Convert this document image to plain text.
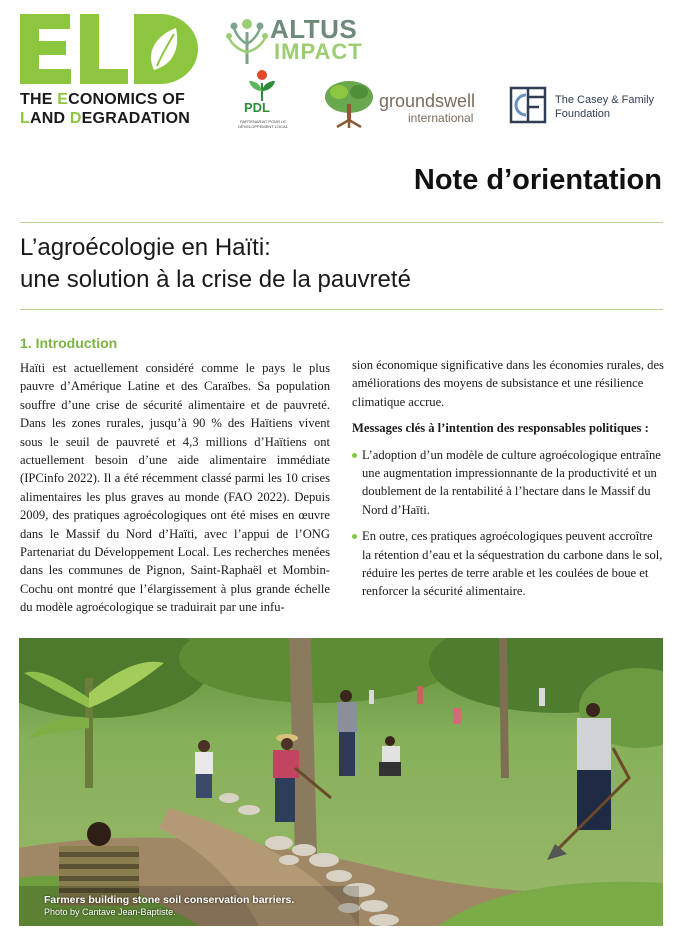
THE ECONOMICS OF
LAND DEGRADATION
ALTUS
IMPACT
PDL
PARTENARIAT POUR LE DÉVELOPPEMENT LOCAL
groundswell
international
The Casey & Family
Foundation
Note d’orientation
L’agroécologie en Haïti:
une solution à la crise de la pauvreté
1. Introduction

Haïti est actuellement considéré comme le pays le plus pauvre d’Amérique Latine et des Caraïbes. Sa population souffre d’une crise de sécurité alimentaire et de pauvreté. Dans les zones rurales, jusqu’à 90 % des Haïtiens vivent sous le seuil de pauvreté et 4,3 millions d’Haïtiens ont actuellement besoin d’une aide alimentaire immédiate (IPCinfo 2022). Il a été récemment classé parmi les 10 crises alimentaires les plus graves au monde (FAO 2022). Depuis 2009, des pratiques agroécologiques ont été mises en œuvre dans le Massif du Nord d’Haïti, avec l’appui de l’ONG Partenariat du Développement Local. Les recherches menées dans les communes de Pignon, Saint-Raphaël et Mombin-Cochu ont montré que l’élargissement à plus grande échelle du modèle agroécologique se traduirait par une infu-

sion économique significative dans les économies rurales, des améliorations des moyens de subsistance et une résilience climatique accrue.

Messages clés à l’intention des responsables politiques :

L’adoption d’un modèle de culture agroécologique entraîne une augmentation impressionnante de la productivité et un doublement de la rentabilité à l’hectare dans le Massif du Nord d’Haïti.
En outre, ces pratiques agroécologiques peuvent accroître la rétention d’eau et la séquestration du carbone dans le sol, réduire les pertes de terre arable et les coulées de boue et renforcer la sécurité alimentaire.
Farmers building stone soil conservation barriers.
Photo by Cantave Jean-Baptiste.
